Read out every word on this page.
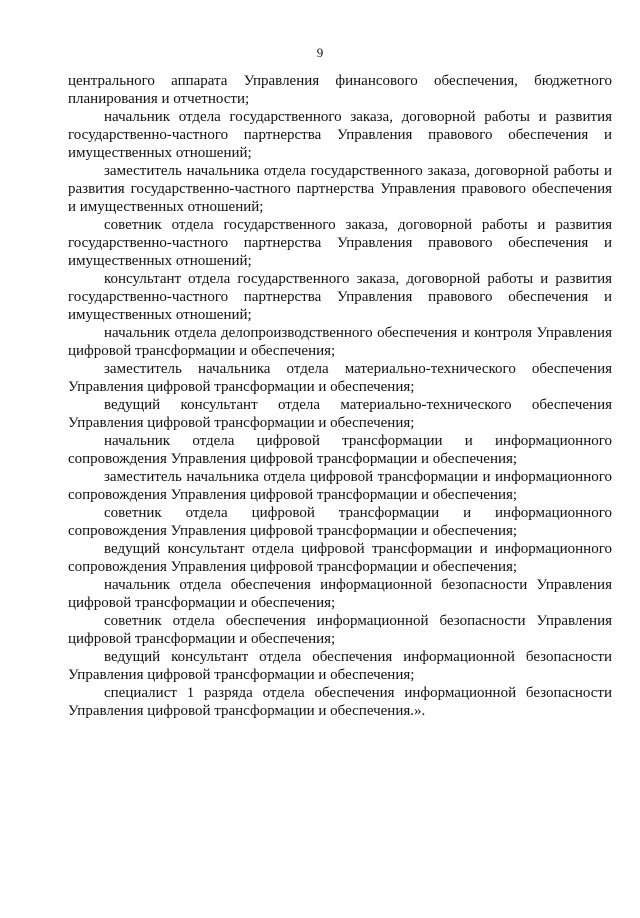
9

центрального аппарата Управления финансового обеспечения, бюджетного планирования и отчетности;

начальник отдела государственного заказа, договорной работы и развития государственно-частного партнерства Управления правового обеспечения и имущественных отношений;

заместитель начальника отдела государственного заказа, договорной работы и развития государственно-частного партнерства Управления правового обеспечения и имущественных отношений;

советник отдела государственного заказа, договорной работы и развития государственно-частного партнерства Управления правового обеспечения и имущественных отношений;

консультант отдела государственного заказа, договорной работы и развития государственно-частного партнерства Управления правового обеспечения и имущественных отношений;

начальник отдела делопроизводственного обеспечения и контроля Управления цифровой трансформации и обеспечения;

заместитель начальника отдела материально-технического обеспечения Управления цифровой трансформации и обеспечения;

ведущий консультант отдела материально-технического обеспечения Управления цифровой трансформации и обеспечения;

начальник отдела цифровой трансформации и информационного сопровождения Управления цифровой трансформации и обеспечения;

заместитель начальника отдела цифровой трансформации и информационного сопровождения Управления цифровой трансформации и обеспечения;

советник отдела цифровой трансформации и информационного сопровождения Управления цифровой трансформации и обеспечения;

ведущий консультант отдела цифровой трансформации и информационного сопровождения Управления цифровой трансформации и обеспечения;

начальник отдела обеспечения информационной безопасности Управления цифровой трансформации и обеспечения;

советник отдела обеспечения информационной безопасности Управления цифровой трансформации и обеспечения;

ведущий консультант отдела обеспечения информационной безопасности Управления цифровой трансформации и обеспечения;

специалист 1 разряда отдела обеспечения информационной безопасности Управления цифровой трансформации и обеспечения.».
